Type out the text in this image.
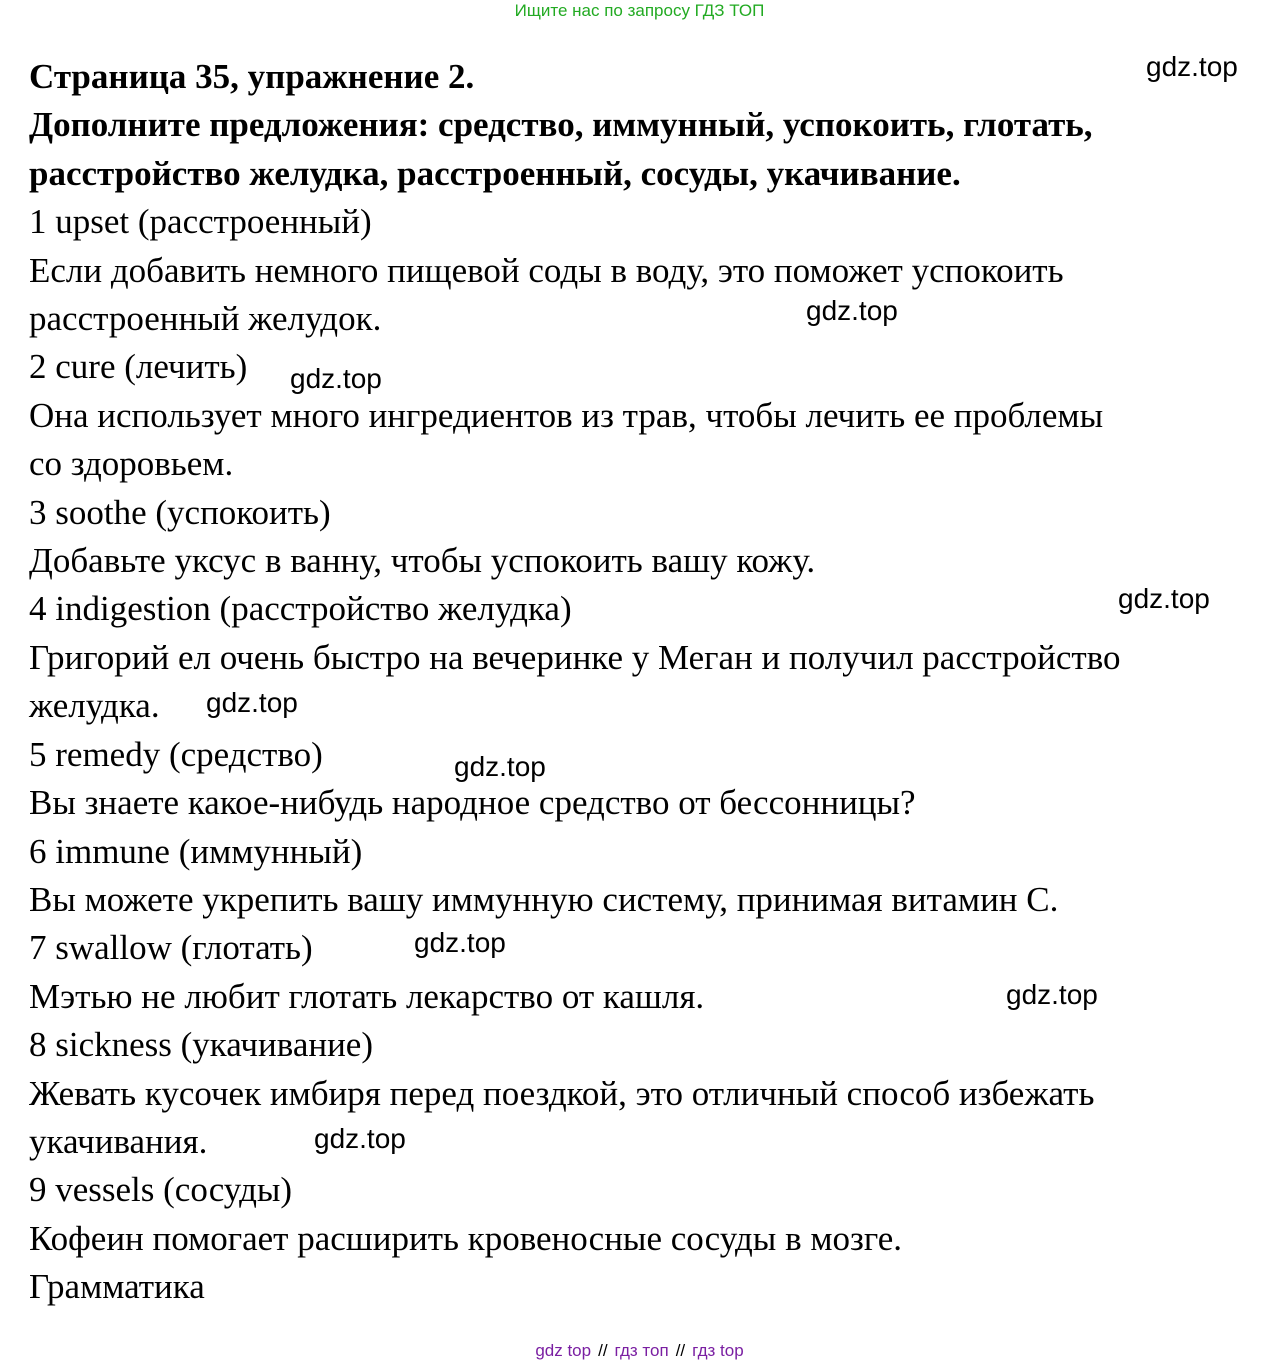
Ищите нас по запросу ГДЗ ТОП

Страница 35, упражнение 2.

Дополните предложения: средство, иммунный, успокоить, глотать,

расстройство желудка, расстроенный, сосуды, укачивание.

1 upset (расстроенный)

Если добавить немного пищевой соды в воду, это поможет успокоить

расстроенный желудок.

2 cure (лечить)

Она использует много ингредиентов из трав, чтобы лечить ее проблемы

со здоровьем.

3 soothe (успокоить)

Добавьте уксус в ванну, чтобы успокоить вашу кожу.

4 indigestion (расстройство желудка)

Григорий ел очень быстро на вечеринке у Меган и получил расстройство

желудка.

5 remedy (средство)

Вы знаете какое-нибудь народное средство от бессонницы?

6 immune (иммунный)

Вы можете укрепить вашу иммунную систему, принимая витамин С.

7 swallow (глотать)

Мэтью не любит глотать лекарство от кашля.

8 sickness (укачивание)

Жевать кусочек имбиря перед поездкой, это отличный способ избежать

укачивания.

9 vessels (сосуды)

Кофеин помогает расширить кровеносные сосуды в мозге.

Грамматика

gdz.top
gdz.top
gdz.top
gdz.top
gdz.top
gdz.top
gdz.top
gdz.top
gdz.top
gdz top // гдз топ // гдз top
